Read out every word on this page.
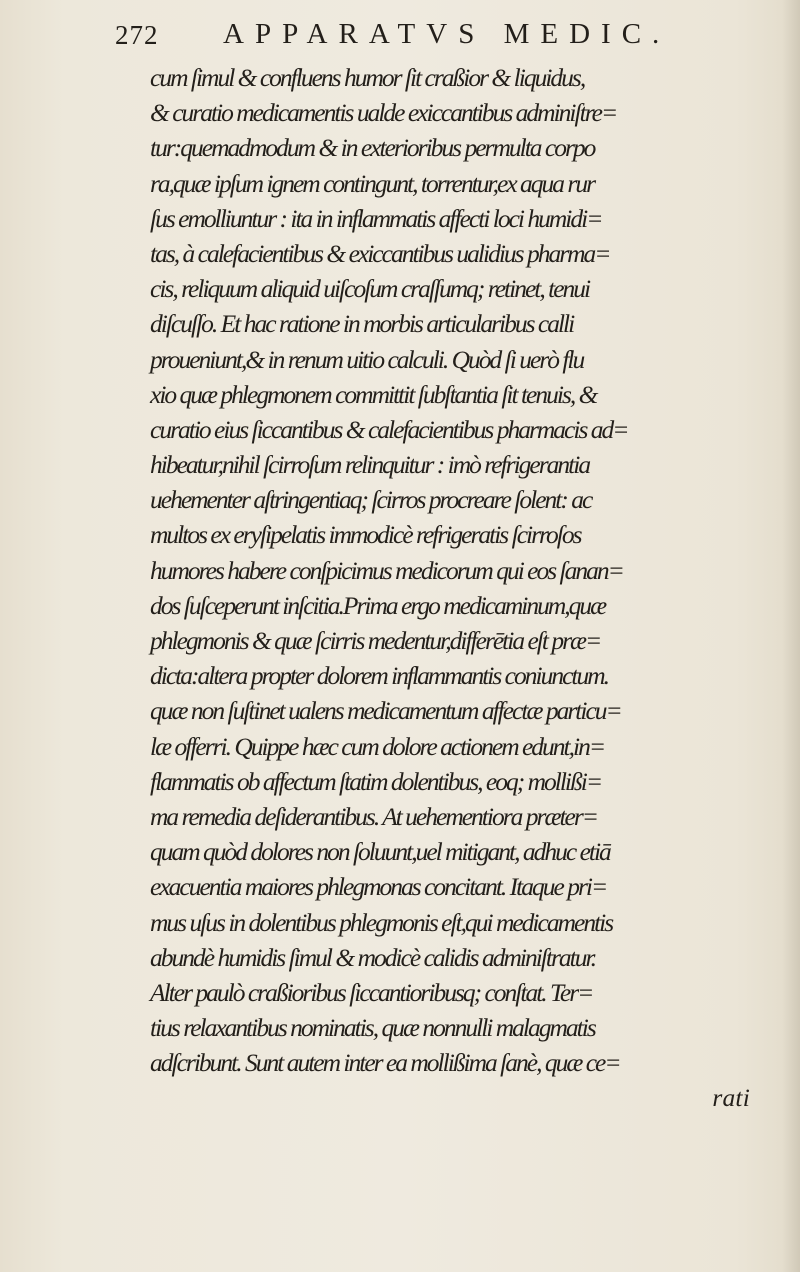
272 APPARATVS MEDIC.
cum ſimul & confluens humor ſit craßior & liquidus,
& curatio medicamentis ualde exiccantibus adminiſtre=
tur:quemadmodum & in exterioribus permulta corpo
ra,quæ ipſum ignem contingunt, torrentur,ex aqua rur
ſus emolliuntur : ita in inflammatis affecti loci humidi=
tas, à calefacientibus & exiccantibus ualidius pharma=
cis, reliquum aliquid uiſcoſum craſſumq; retinet, tenui
diſcuſſo. Et hac ratione in morbis articularibus calli
proueniunt,& in renum uitio calculi. Quòd ſi uerò flu
xio quæ phlegmonem committit ſubſtantia ſit tenuis, &
curatio eius ſiccantibus & calefacientibus pharmacis ad=
hibeatur,nihil ſcirroſum relinquitur : imò refrigerantia
uehementer aſtringentiaq; ſcirros procreare ſolent: ac
multos ex eryſipelatis immodicè refrigeratis ſcirroſos
humores habere conſpicimus medicorum qui eos ſanan=
dos ſuſceperunt inſcitia.Prima ergo medicaminum,quæ
phlegmonis & quæ ſcirris medentur,differētia eſt præ=
dicta:altera propter dolorem inflammantis coniunctum.
quæ non ſuſtinet ualens medicamentum affectæ particu=
læ offerri. Quippe hæc cum dolore actionem edunt,in=
flammatis ob affectum ſtatim dolentibus, eoq; mollißi=
ma remedia deſiderantibus. At uehementiora præter=
quam quòd dolores non ſoluunt,uel mitigant, adhuc etiā
exacuentia maiores phlegmonas concitant. Itaque pri=
mus uſus in dolentibus phlegmonis eſt,qui medicamentis
abundè humidis ſimul & modicè calidis adminiſtratur.
Alter paulò craßioribus ſiccantioribusq; conſtat. Ter=
tius relaxantibus nominatis, quæ nonnulli malagmatis
adſcribunt. Sunt autem inter ea mollißima ſanè, quæ ce=
rati
